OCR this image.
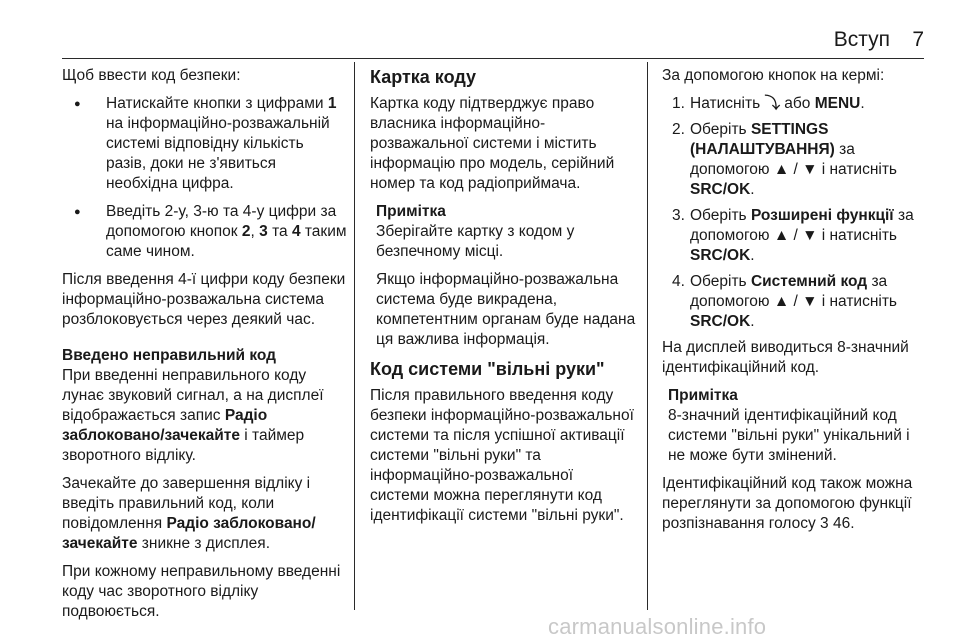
Вступ 7

Щоб ввести код безпеки:

● Натискайте кнопки з цифрами 1 на інформаційно-розважальній системі відповідну кількість разів, доки не з'явиться необхідна цифра.
● Введіть 2-у, 3-ю та 4-у цифри за допомогою кнопок 2, 3 та 4 таким саме чином.

Після введення 4-ї цифри коду безпеки інформаційно-розважальна система розблоковується через деякий час.

Введено неправильний код

При введенні неправильного коду лунає звуковий сигнал, а на дисплеї відображається запис Радіо заблоковано/зачекайте і таймер зворотного відліку.

Зачекайте до завершення відліку і введіть правильний код, коли повідомлення Радіо заблоковано/зачекайте зникне з дисплея.

При кожному неправильному введенні коду час зворотного відліку подвоюється.

Картка коду

Картка коду підтверджує право власника інформаційно-розважальної системи і містить інформацію про модель, серійний номер та код радіоприймача.

Примітка

Зберігайте картку з кодом у безпечному місці.

Якщо інформаційно-розважальна система буде викрадена, компетентним органам буде надана ця важлива інформація.

Код системи "вільні руки"

Після правильного введення коду безпеки інформаційно-розважальної системи та після успішної активації системи "вільні руки" та інформаційно-розважальної системи можна переглянути код ідентифікації системи "вільні руки".

За допомогою кнопок на кермі:

1. Натисніть ⤵ або MENU.
2. Оберіть SETTINGS (НАЛАШТУВАННЯ) за допомогою ▲ / ▼ і натисніть SRC/OK.
3. Оберіть Розширені функції за допомогою ▲ / ▼ і натисніть SRC/OK.
4. Оберіть Системний код за допомогою ▲ / ▼ і натисніть SRC/OK.

На дисплей виводиться 8-значний ідентифікаційний код.

Примітка

8-значний ідентифікаційний код системи "вільні руки" унікальний і не може бути змінений.

Ідентифікаційний код також можна переглянути за допомогою функції розпізнавання голосу 3 46.

carmanualsonline.info
